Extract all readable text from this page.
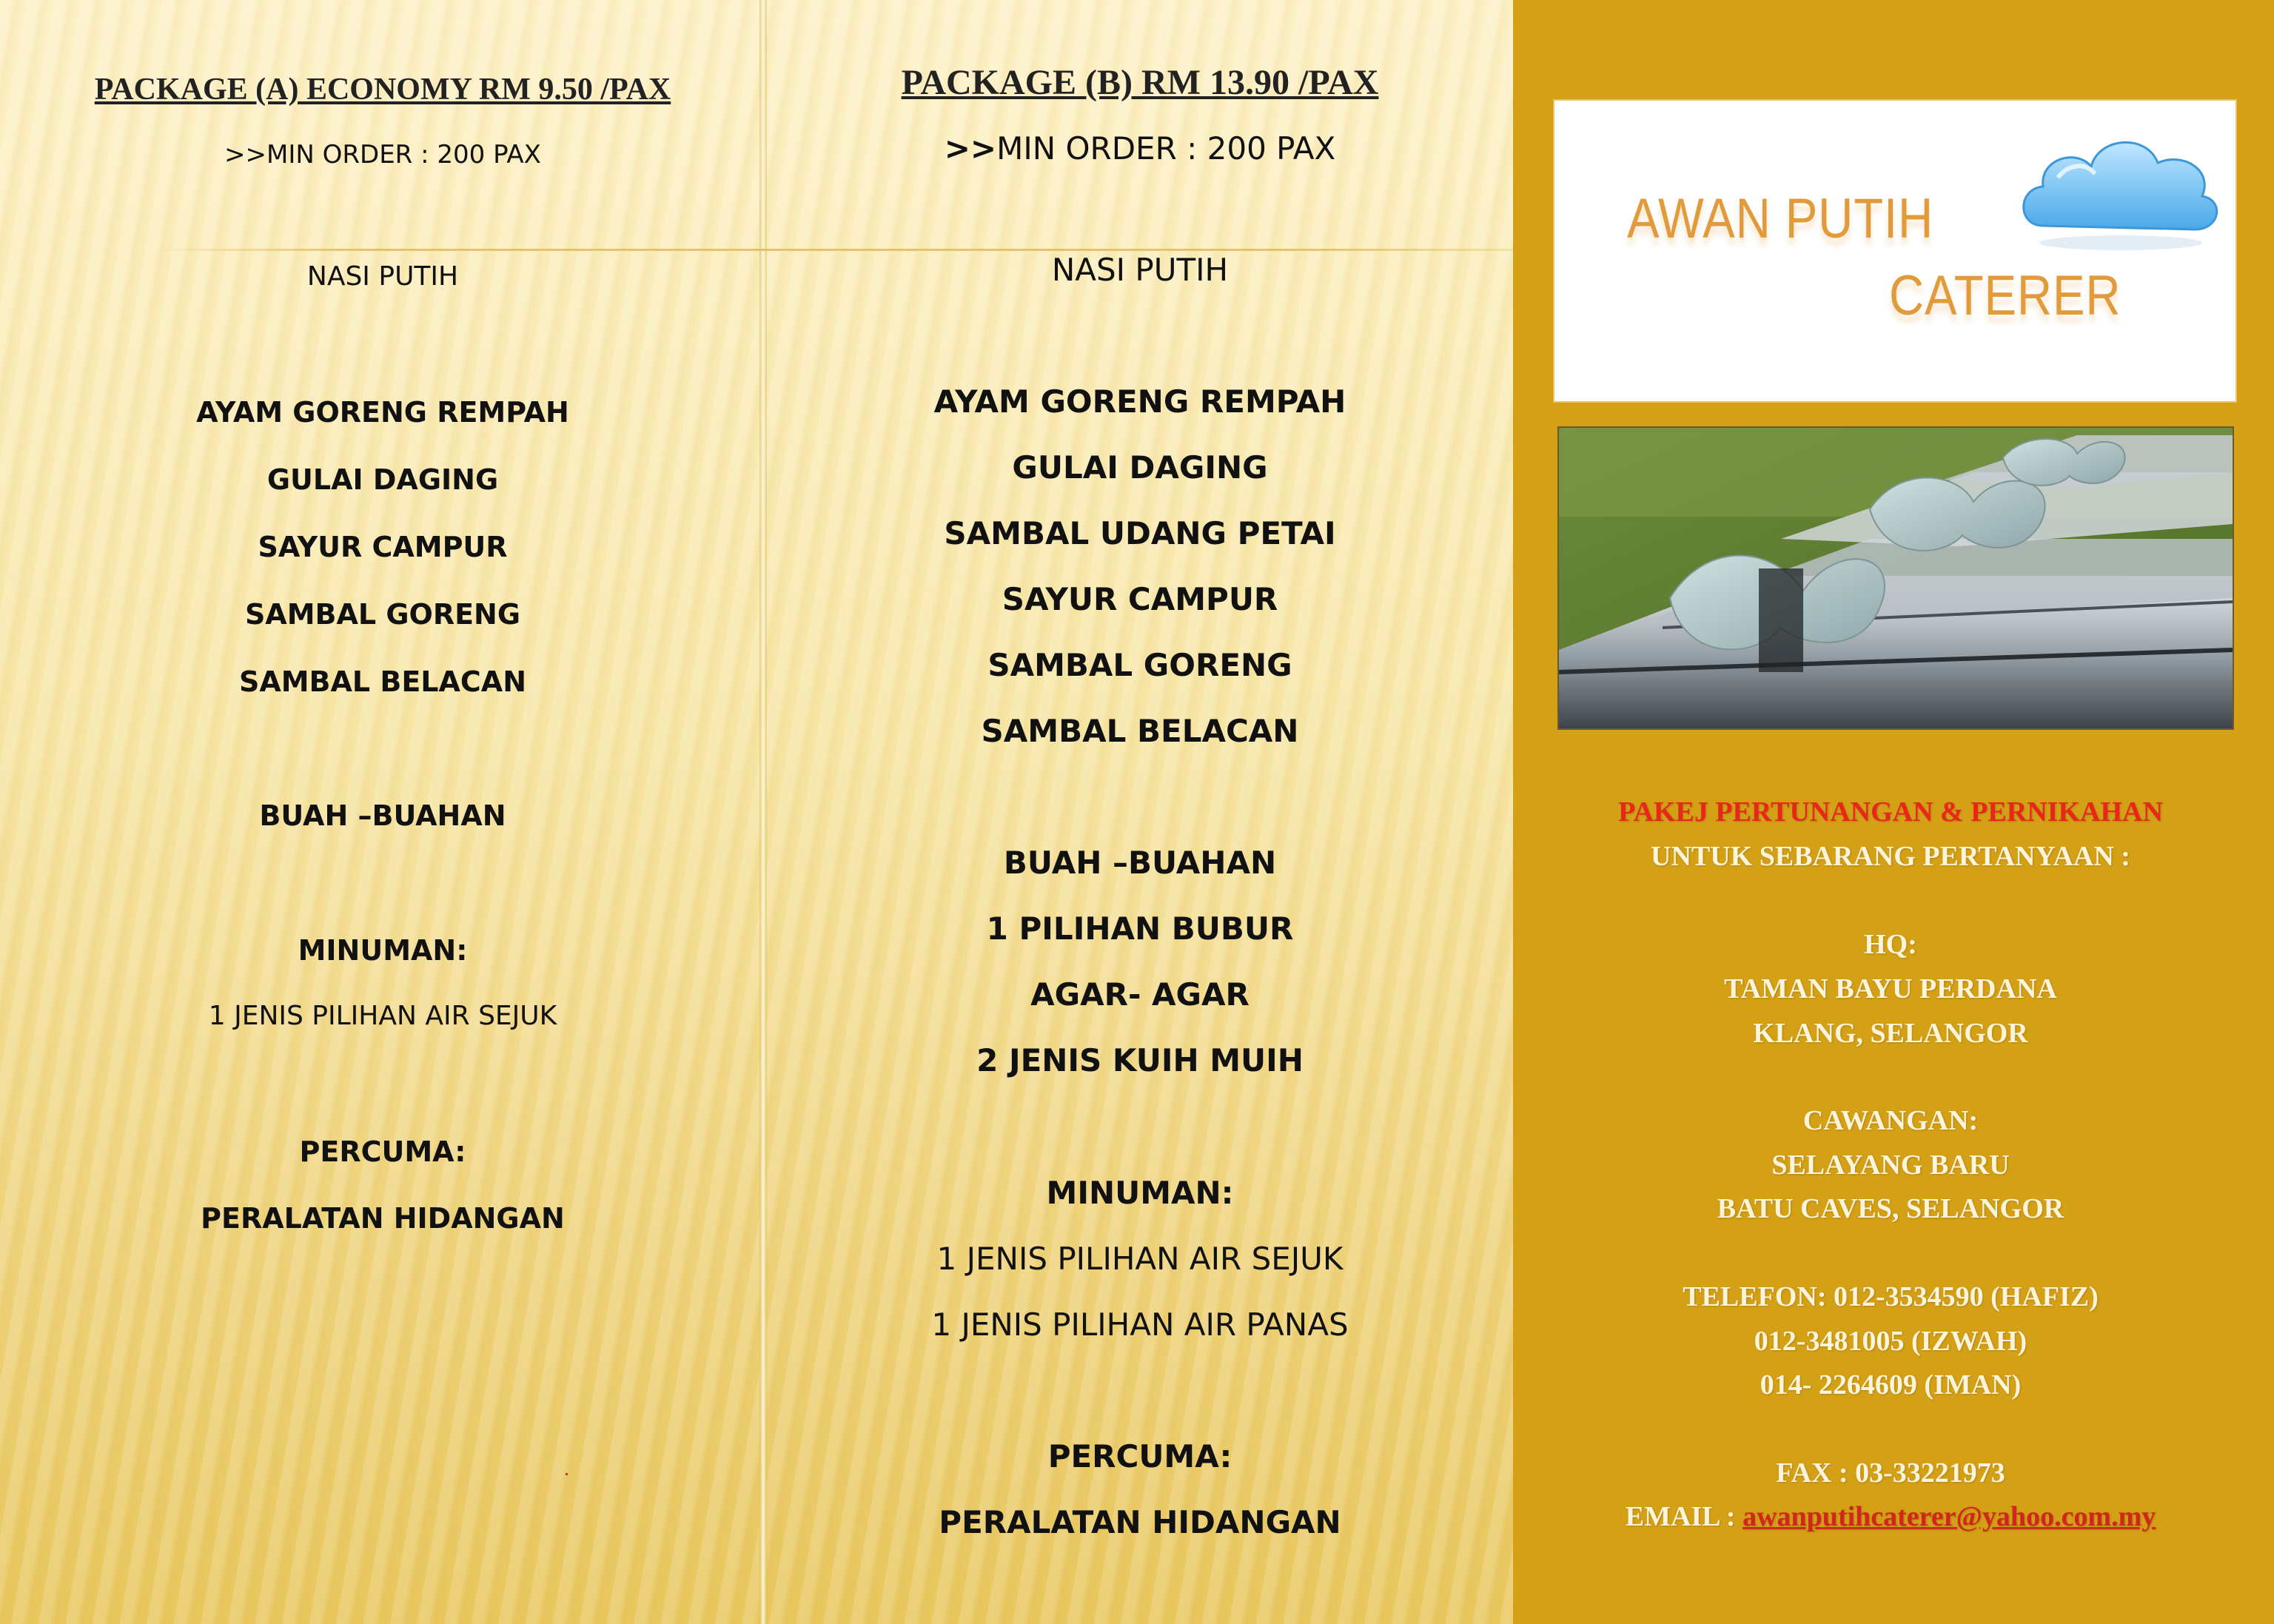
PACKAGE (A) ECONOMY RM 9.50 /PAX
>>MIN ORDER : 200 PAX
NASI PUTIH
AYAM GORENG REMPAH
GULAI DAGING
SAYUR CAMPUR
SAMBAL GORENG
SAMBAL BELACAN
BUAH –BUAHAN
MINUMAN:
1 JENIS PILIHAN AIR SEJUK
PERCUMA:
PERALATAN HIDANGAN
PACKAGE (B) RM 13.90 /PAX
>>MIN ORDER : 200 PAX
NASI PUTIH
AYAM GORENG REMPAH
GULAI DAGING
SAMBAL UDANG PETAI
SAYUR CAMPUR
SAMBAL GORENG
SAMBAL BELACAN
BUAH –BUAHAN
1 PILIHAN BUBUR
AGAR- AGAR
2 JENIS KUIH MUIH
MINUMAN:
1 JENIS PILIHAN AIR SEJUK
1 JENIS PILIHAN AIR PANAS
PERCUMA:
PERALATAN HIDANGAN
AWAN PUTIH
CATERER
PAKEJ PERTUNANGAN & PERNIKAHAN
UNTUK SEBARANG PERTANYAAN :
HQ:
TAMAN BAYU PERDANA
KLANG, SELANGOR
CAWANGAN:
SELAYANG BARU
BATU CAVES, SELANGOR
TELEFON: 012-3534590 (HAFIZ)
012-3481005 (IZWAH)
014- 2264609 (IMAN)
FAX : 03-33221973
EMAIL : awanputihcaterer@yahoo.com.my
